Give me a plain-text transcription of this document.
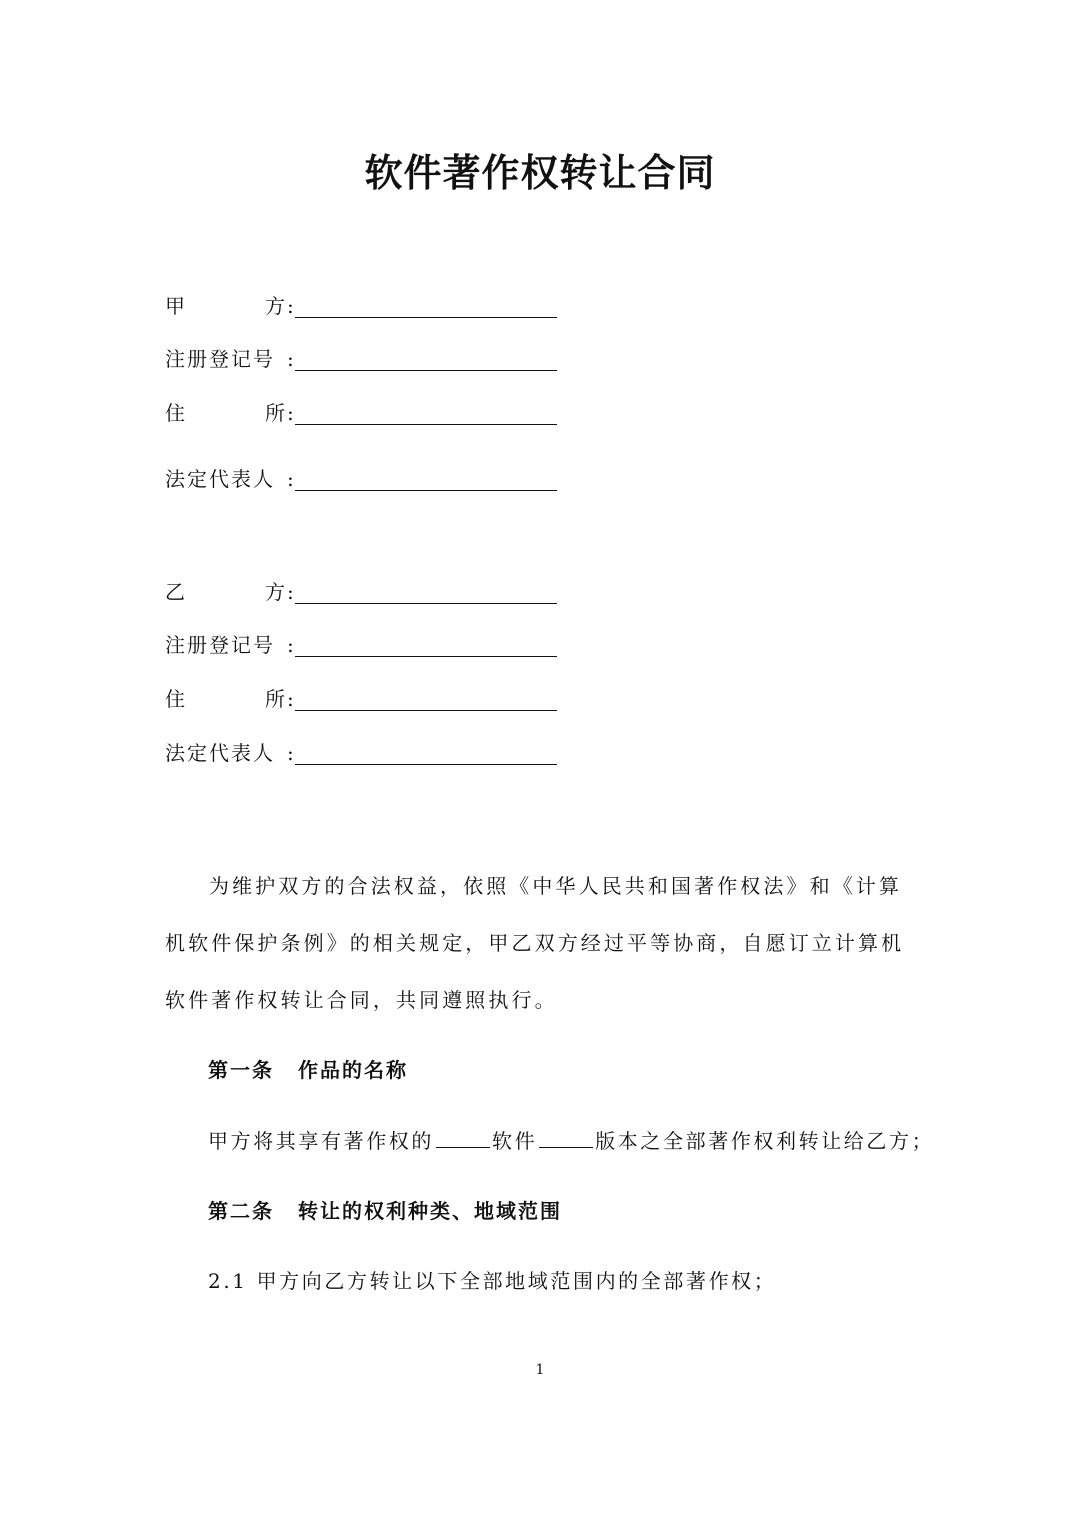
软件著作权转让合同
甲	方 :
注册登记号 :
住	所 :
法定代表人 :
乙	方 :
注册登记号 :
住	所 :
法定代表人 :

为维护双方的合法权益，依照《中华人民共和国著作权法》和《计算机软件保护条例》的相关规定，甲乙双方经过平等协商，自愿订立计算机软件著作权转让合同，共同遵照执行。

第一条 作品的名称
甲方将其享有著作权的	软件	版本之全部著作权利转让给乙方；
第二条 转让的权利种类、地域范围
2.1 甲方向乙方转让以下全部地域范围内的全部著作权；
1
